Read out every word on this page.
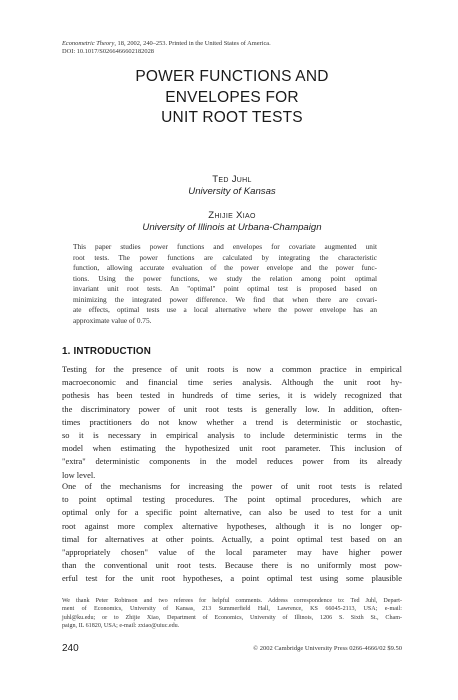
Econometric Theory, 18, 2002, 240–253. Printed in the United States of America.
DOI: 10.1017/S0266466602182028
POWER FUNCTIONS AND
ENVELOPES FOR
UNIT ROOT TESTS
Ted Juhl
University of Kansas
Zhijie Xiao
University of Illinois at Urbana-Champaign
This paper studies power functions and envelopes for covariate augmented unit
root tests. The power functions are calculated by integrating the characteristic
function, allowing accurate evaluation of the power envelope and the power func-
tions. Using the power functions, we study the relation among point optimal
invariant unit root tests. An "optimal" point optimal test is proposed based on
minimizing the integrated power difference. We find that when there are covari-
ate effects, optimal tests use a local alternative where the power envelope has an
approximate value of 0.75.
1. INTRODUCTION
Testing for the presence of unit roots is now a common practice in empirical
macroeconomic and financial time series analysis. Although the unit root hy-
pothesis has been tested in hundreds of time series, it is widely recognized that
the discriminatory power of unit root tests is generally low. In addition, often-
times practitioners do not know whether a trend is deterministic or stochastic,
so it is necessary in empirical analysis to include deterministic terms in the
model when estimating the hypothesized unit root parameter. This inclusion of
"extra" deterministic components in the model reduces power from its already
low level.
One of the mechanisms for increasing the power of unit root tests is related
to point optimal testing procedures. The point optimal procedures, which are
optimal only for a specific point alternative, can also be used to test for a unit
root against more complex alternative hypotheses, although it is no longer op-
timal for alternatives at other points. Actually, a point optimal test based on an
"appropriately chosen" value of the local parameter may have higher power
than the conventional unit root tests. Because there is no uniformly most pow-
erful test for the unit root hypotheses, a point optimal test using some plausible
We thank Peter Robinson and two referees for helpful comments. Address correspondence to: Ted Juhl, Depart-
ment of Economics, University of Kansas, 213 Summerfield Hall, Lawrence, KS 66045-2113, USA; e-mail:
juhl@ku.edu; or to Zhijie Xiao, Department of Economics, University of Illinois, 1206 S. Sixth St., Cham-
paign, IL 61820, USA; e-mail: zxiao@uiuc.edu.
240	© 2002 Cambridge University Press 0266-4666/02 $9.50
